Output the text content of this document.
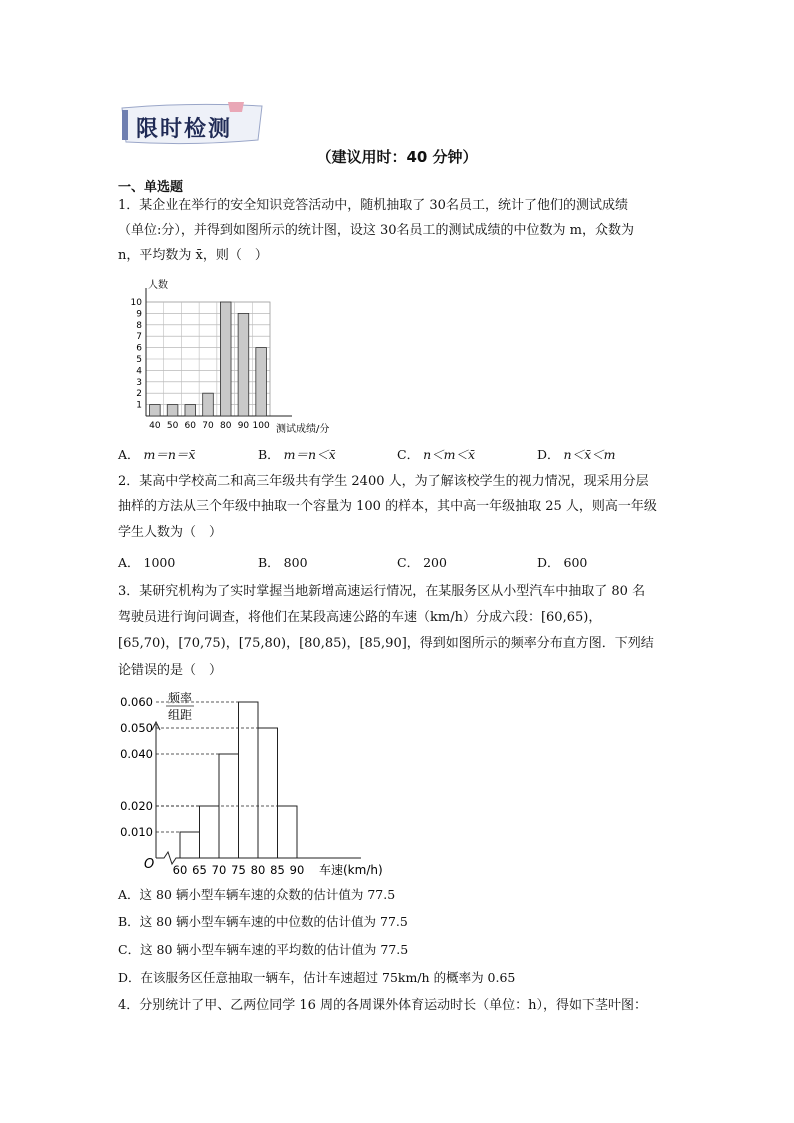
限时检测
（建议用时：40 分钟）
一、单选题
1．某企业在举行的安全知识竞答活动中，随机抽取了 30名员工，统计了他们的测试成绩
（单位:分），并得到如图所示的统计图，设这 30名员工的测试成绩的中位数为 m，众数为
n，平均数为 x̄，则（　）
1
2
3
4
5
6
7
8
9
10
人数
40 50 60 70 80 90 100 测试成绩/分
A． m＝n＝x̄	B． m＝n＜x̄	C． n＜m＜x̄	D． n＜x̄＜m
2．某高中学校高二和高三年级共有学生 2400 人，为了解该校学生的视力情况，现采用分层
抽样的方法从三个年级中抽取一个容量为 100 的样本，其中高一年级抽取 25 人，则高一年级
学生人数为（　）
A． 1000	B． 800	C． 200	D． 600
3．某研究机构为了实时掌握当地新增高速运行情况，在某服务区从小型汽车中抽取了 80 名
驾驶员进行询问调查，将他们在某段高速公路的车速（km/h）分成六段：[60,65)，
[65,70)，[70,75)，[75,80)，[80,85)，[85,90]，得到如图所示的频率分布直方图．下列结
论错误的是（　）
频率
组距
O
0.010
0.020
0.040
0.050
0.060
60 65 70 75 80 85 90 车速(km/h)
A．这 80 辆小型车辆车速的众数的估计值为 77.5
B．这 80 辆小型车辆车速的中位数的估计值为 77.5
C．这 80 辆小型车辆车速的平均数的估计值为 77.5
D．在该服务区任意抽取一辆车，估计车速超过 75km/h 的概率为 0.65
4．分别统计了甲、乙两位同学 16 周的各周课外体育运动时长（单位：h），得如下茎叶图：
